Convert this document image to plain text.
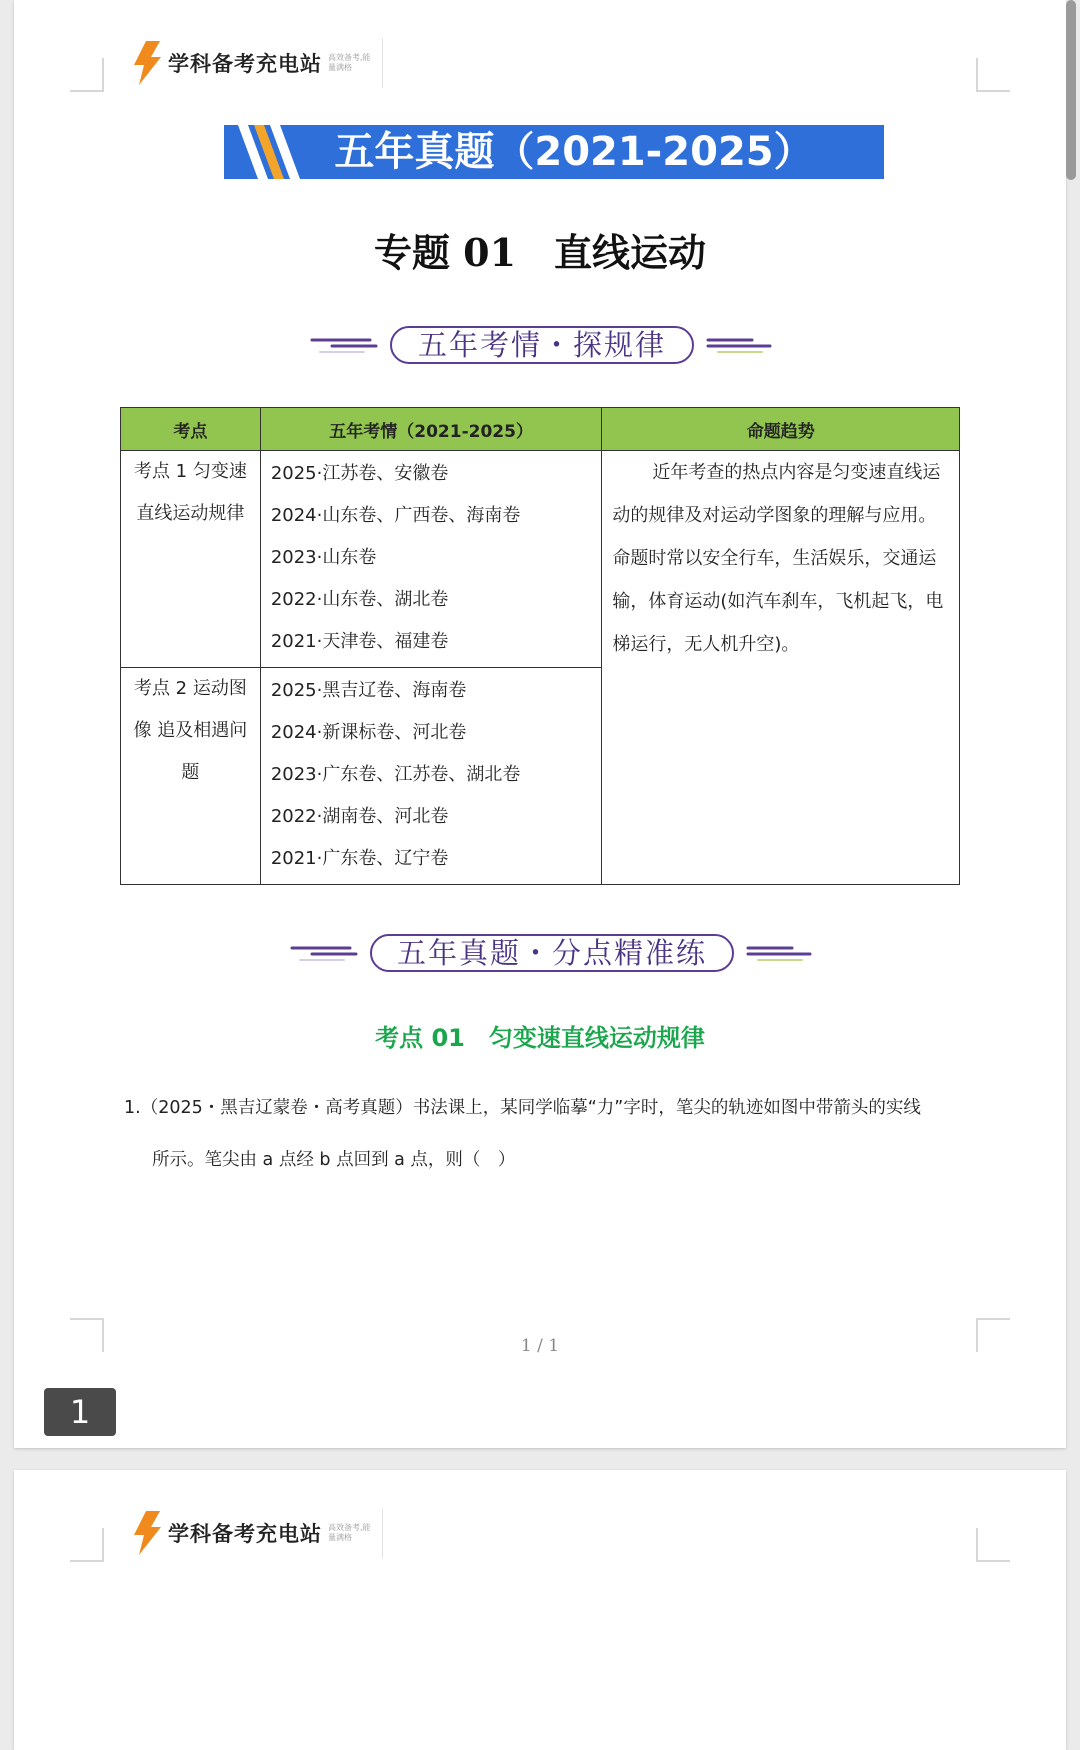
学科备考充电站 高效备考,能量满格
五年真题（2021-2025）
专题 01　直线运动
五年考情・探规律
考点	五年考情（2021-2025）	命题趋势
考点 1 匀变速直线运动规律	2025·江苏卷、安徽卷
2024·山东卷、广西卷、海南卷
2023·山东卷
2022·山东卷、湖北卷
2021·天津卷、福建卷	近年考查的热点内容是匀变速直线运动的规律及对运动学图象的理解与应用。命题时常以安全行车，生活娱乐，交通运输，体育运动(如汽车刹车，飞机起飞，电梯运行，无人机升空)。

考点 2 运动图像 追及相遇问题	2025·黑吉辽卷、海南卷
2024·新课标卷、河北卷
2023·广东卷、江苏卷、湖北卷
2022·湖南卷、河北卷
2021·广东卷、辽宁卷	
五年真题・分点精准练
考点 01　匀变速直线运动规律
1.（2025・黑吉辽蒙卷・高考真题）书法课上，某同学临摹“力”字时，笔尖的轨迹如图中带箭头的实线
所示。笔尖由 a 点经 b 点回到 a 点，则（　）
1 / 1
1
学科备考充电站 高效备考,能量满格
